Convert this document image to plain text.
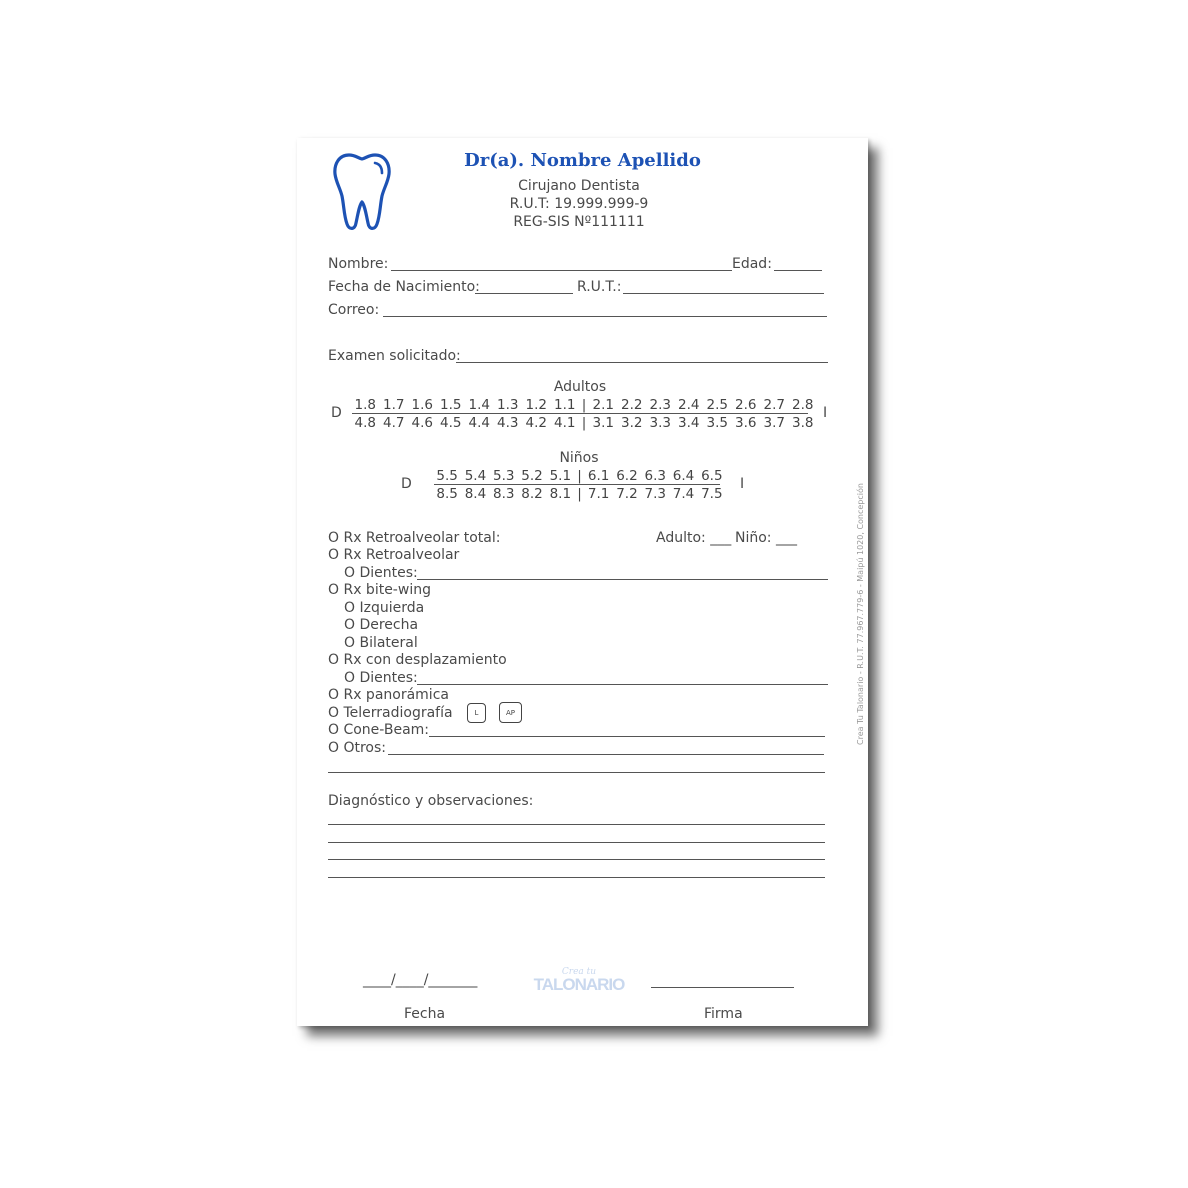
Dr(a). Nombre Apellido
Cirujano Dentista
R.U.T: 19.999.999-9
REG-SIS Nº111111
Nombre:	Edad:
Fecha de Nacimiento:	R.U.T.:
Correo:
Examen solicitado:
Adultos
D	I
1.8 1.7 1.6 1.5 1.4 1.3 1.2 1.1 | 2.1 2.2 2.3 2.4 2.5 2.6 2.7 2.8
4.8 4.7 4.6 4.5 4.4 4.3 4.2 4.1 | 3.1 3.2 3.3 3.4 3.5 3.6 3.7 3.8
Niños
D	I
5.5 5.4 5.3 5.2 5.1 | 6.1 6.2 6.3 6.4 6.5
8.5 8.4 8.3 8.2 8.1 | 7.1 7.2 7.3 7.4 7.5
O Rx Retroalveolar total:	Adulto: ___ Niño: ___
O Rx Retroalveolar
O Dientes:
O Rx bite-wing
O Izquierda
O Derecha
O Bilateral
O Rx con desplazamiento
O Dientes:
O Rx panorámica
O Telerradiografía	L	AP
O Cone-Beam:
O Otros:
Diagnóstico y observaciones:
____/____/_______
Fecha	Firma
Crea tu
TALONARIO
Crea Tu Talonario - R.U.T. 77.967.779-6 - Maipú 1020, Concepción
